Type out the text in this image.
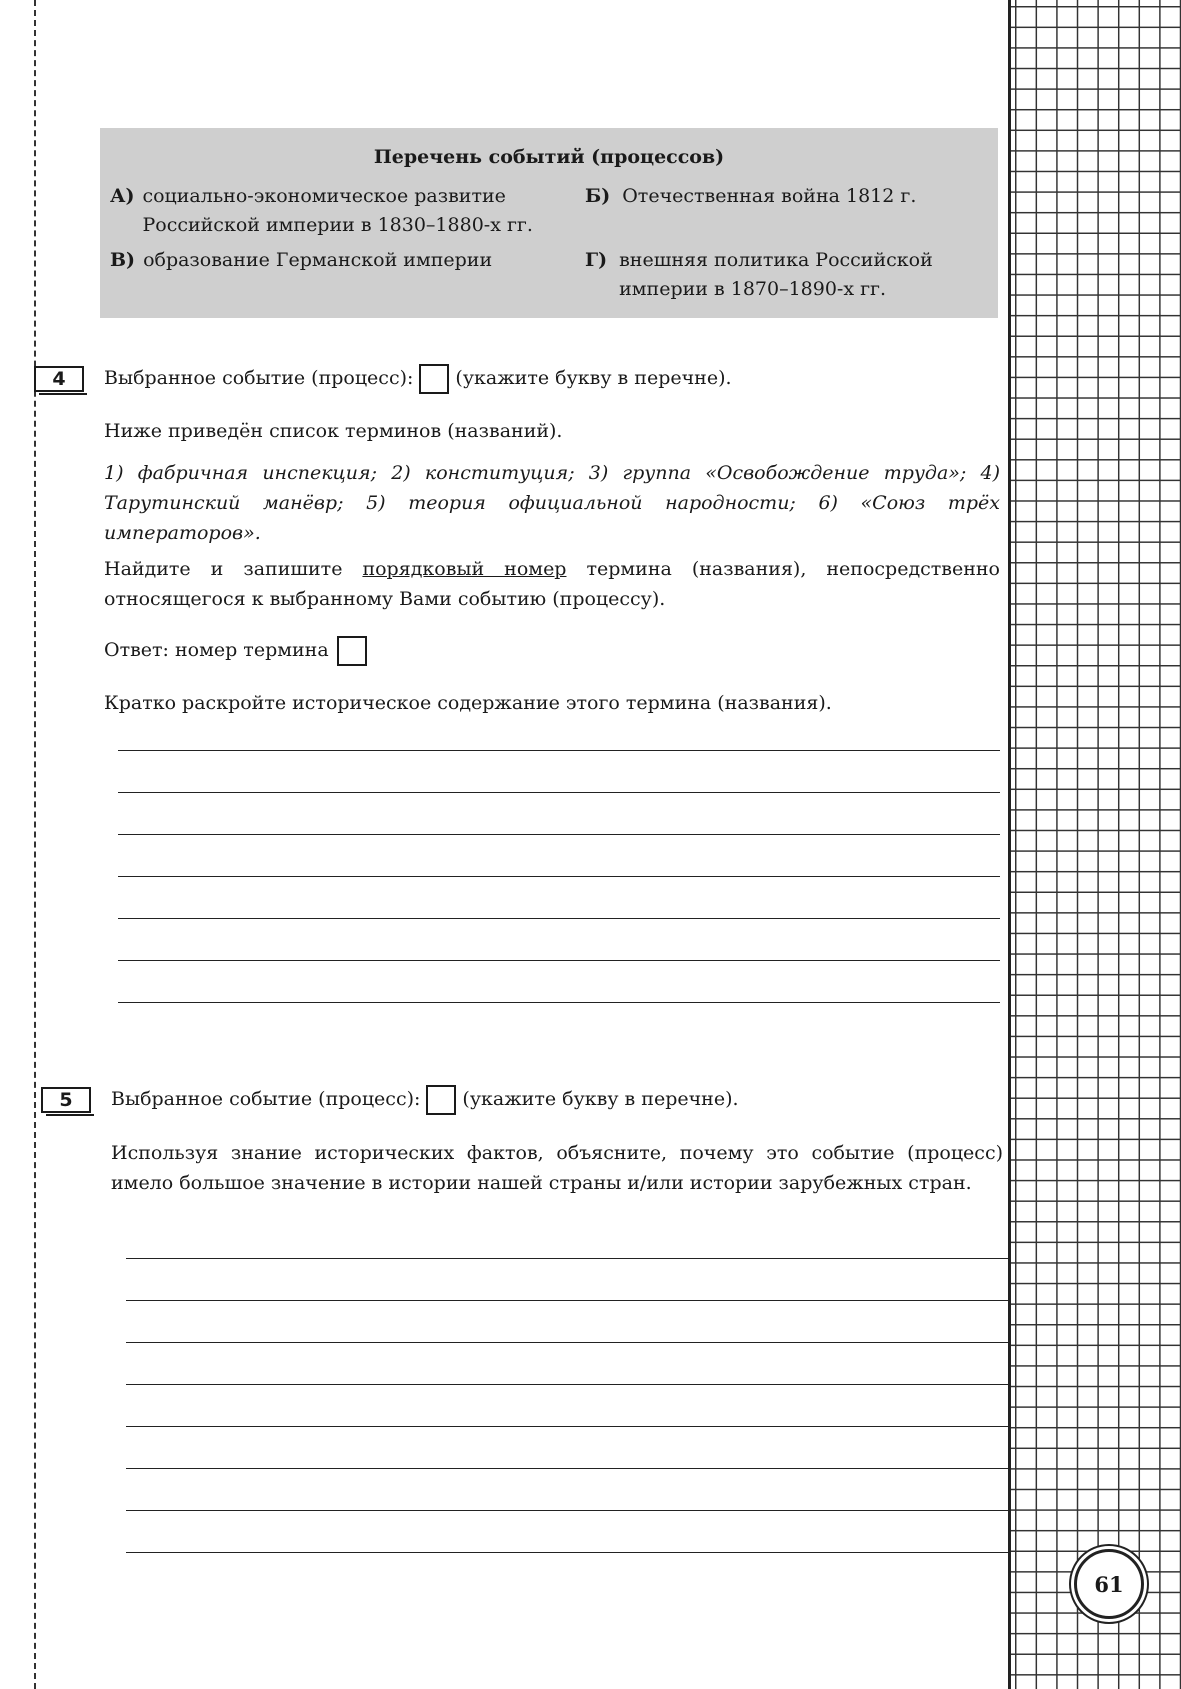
61
Перечень событий (процессов)
А) социально-экономическое развитие Российской империи в 1830–1880-х гг.
Б) Отечественная война 1812 г.
В) образование Германской империи	Г) внешняя политика Российской империи в 1870–1890-х гг.
4	Выбранное событие (процесс): (укажите букву в перечне).
Ниже приведён список терминов (названий).
1) фабричная инспекция; 2) конституция; 3) группа «Освобождение труда»; 4) Тарутинский манёвр; 5) теория официальной народности; 6) «Союз трёх императоров».
Найдите и запишите порядковый номер термина (названия), непосредственно относящегося к выбранному Вами событию (процессу).
Ответ: номер термина
Кратко раскройте историческое содержание этого термина (названия).
5	Выбранное событие (процесс): (укажите букву в перечне).
Используя знание исторических фактов, объясните, почему это событие (процесс) имело большое значение в истории нашей страны и/или истории зарубежных стран.
